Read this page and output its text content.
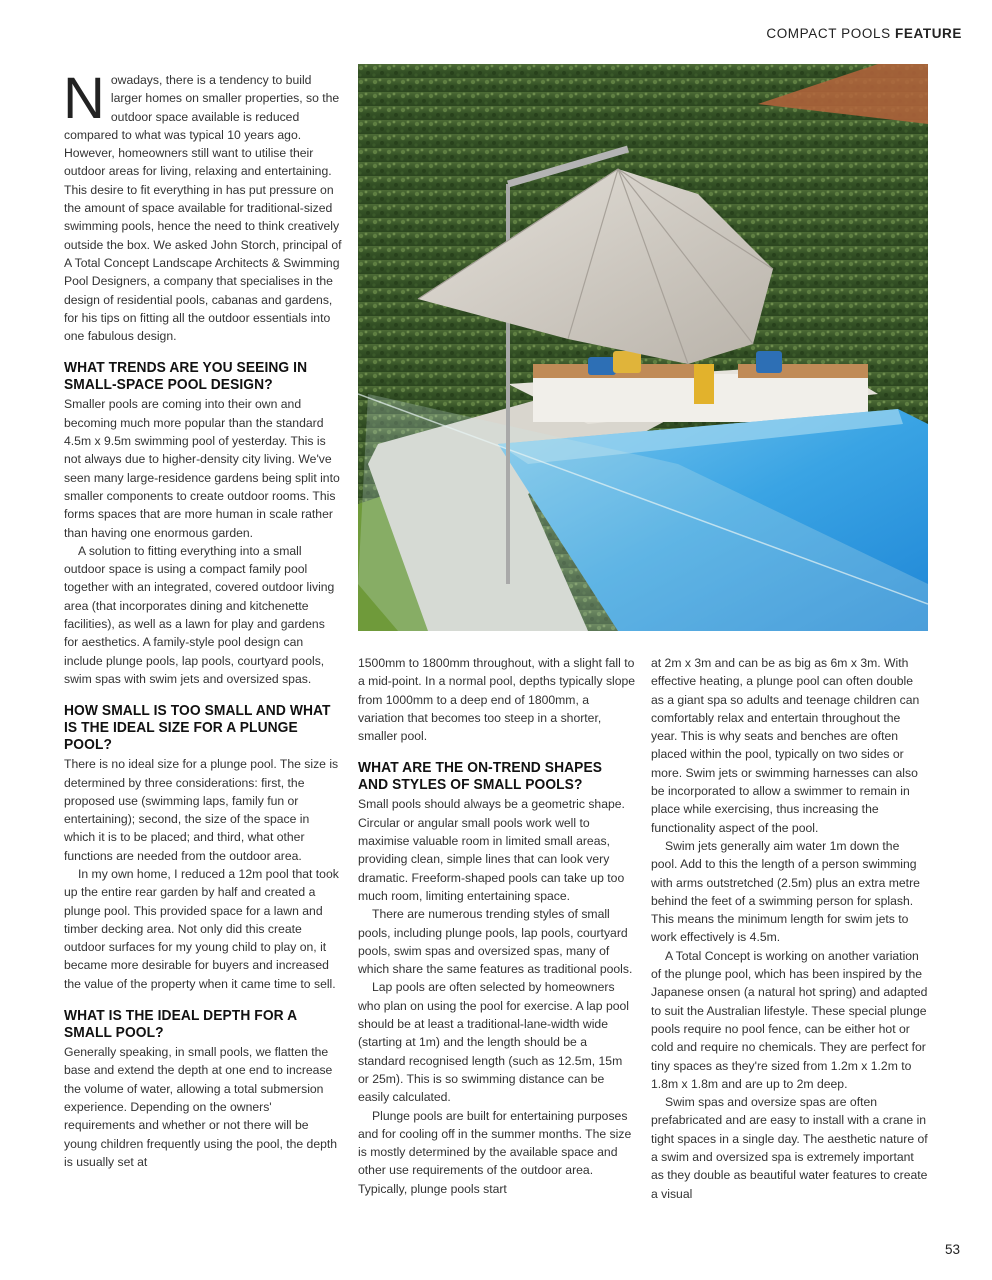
COMPACT POOLS FEATURE

Nowadays, there is a tendency to build larger homes on smaller properties, so the outdoor space available is reduced compared to what was typical 10 years ago. However, homeowners still want to utilise their outdoor areas for living, relaxing and entertaining. This desire to fit everything in has put pressure on the amount of space available for traditional-sized swimming pools, hence the need to think creatively outside the box. We asked John Storch, principal of A Total Concept Landscape Architects & Swimming Pool Designers, a company that specialises in the design of residential pools, cabanas and gardens, for his tips on fitting all the outdoor essentials into one fabulous design.

WHAT TRENDS ARE YOU SEEING IN SMALL-SPACE POOL DESIGN?

Smaller pools are coming into their own and becoming much more popular than the standard 4.5m x 9.5m swimming pool of yesterday. This is not always due to higher-density city living. We've seen many large-residence gardens being split into smaller components to create outdoor rooms. This forms spaces that are more human in scale rather than having one enormous garden.

A solution to fitting everything into a small outdoor space is using a compact family pool together with an integrated, covered outdoor living area (that incorporates dining and kitchenette facilities), as well as a lawn for play and gardens for aesthetics. A family-style pool design can include plunge pools, lap pools, courtyard pools, swim spas with swim jets and oversized spas.

HOW SMALL IS TOO SMALL AND WHAT IS THE IDEAL SIZE FOR A PLUNGE POOL?

There is no ideal size for a plunge pool. The size is determined by three considerations: first, the proposed use (swimming laps, family fun or entertaining); second, the size of the space in which it is to be placed; and third, what other functions are needed from the outdoor area.

In my own home, I reduced a 12m pool that took up the entire rear garden by half and created a plunge pool. This provided space for a lawn and timber decking area. Not only did this create outdoor surfaces for my young child to play on, it became more desirable for buyers and increased the value of the property when it came time to sell.

WHAT IS THE IDEAL DEPTH FOR A SMALL POOL?

Generally speaking, in small pools, we flatten the base and extend the depth at one end to increase the volume of water, allowing a total submersion experience. Depending on the owners' requirements and whether or not there will be young children frequently using the pool, the depth is usually set at

1500mm to 1800mm throughout, with a slight fall to a mid-point. In a normal pool, depths typically slope from 1000mm to a deep end of 1800mm, a variation that becomes too steep in a shorter, smaller pool.

WHAT ARE THE ON-TREND SHAPES AND STYLES OF SMALL POOLS?

Small pools should always be a geometric shape. Circular or angular small pools work well to maximise valuable room in limited small areas, providing clean, simple lines that can look very dramatic. Freeform-shaped pools can take up too much room, limiting entertaining space.

There are numerous trending styles of small pools, including plunge pools, lap pools, courtyard pools, swim spas and oversized spas, many of which share the same features as traditional pools.

Lap pools are often selected by homeowners who plan on using the pool for exercise. A lap pool should be at least a traditional-lane-width wide (starting at 1m) and the length should be a standard recognised length (such as 12.5m, 15m or 25m). This is so swimming distance can be easily calculated.

Plunge pools are built for entertaining purposes and for cooling off in the summer months. The size is mostly determined by the available space and other use requirements of the outdoor area. Typically, plunge pools start

at 2m x 3m and can be as big as 6m x 3m. With effective heating, a plunge pool can often double as a giant spa so adults and teenage children can comfortably relax and entertain throughout the year. This is why seats and benches are often placed within the pool, typically on two sides or more. Swim jets or swimming harnesses can also be incorporated to allow a swimmer to remain in place while exercising, thus increasing the functionality aspect of the pool.

Swim jets generally aim water 1m down the pool. Add to this the length of a person swimming with arms outstretched (2.5m) plus an extra metre behind the feet of a swimming person for splash. This means the minimum length for swim jets to work effectively is 4.5m.

A Total Concept is working on another variation of the plunge pool, which has been inspired by the Japanese onsen (a natural hot spring) and adapted to suit the Australian lifestyle. These special plunge pools require no pool fence, can be either hot or cold and require no chemicals. They are perfect for tiny spaces as they're sized from 1.2m x 1.2m to 1.8m x 1.8m and are up to 2m deep.

Swim spas and oversize spas are often prefabricated and are easy to install with a crane in tight spaces in a single day. The aesthetic nature of a swim and oversized spa is extremely important as they double as beautiful water features to create a visual

53
